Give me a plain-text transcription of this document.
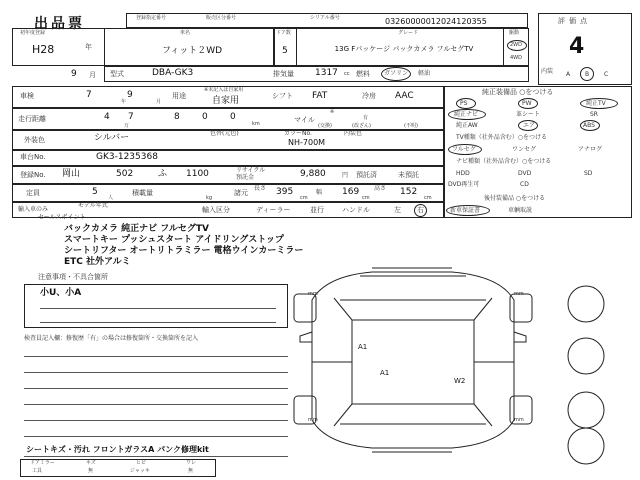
出品票	登録指定番号	販売区分番号	シリアル番号	03260000012024120355	評価点
4
初年度登録
H28	年
9 月
車名
フィット２WD
ドア数
5
グレード
13G Fパッケージ パックカメラ フルセグTV
駆動
2WD
4WD
型式	DBA-GK3	排気量 1317 cc 燃料 ガソリン 軽油	内装 A B C
車検	7
年
9
月
用途
※未記入は自家用
自家用	シフト FAT	冷房 AAC
走行距離	4 7
万
8 0 0
km	マイル
※
有
(交換)	(改ざん)	(不明)
外装色	シルバー	色替(元色)	カラーNo.
NH-700M
内装色
車台No.	GK3-1235368
登録No. 岡山	502	ふ 1100	リサイクル預託金	9,880	円 預託済	未預託
定員	5
人
積載量
kg
諸元
長さ 395
cm
幅 169
cm
高さ 152
cm
輸入車のみ
モデル年式
輸入区分	ディーラー	並行	ハンドル	左 右
純正装備品 ○をつける
PS	PW	純正TV
純正ナビ	革シート	SR
純正AW	エア	ABS
TV種類（社外品含む）○をつける
フルセグ	ワンセグ	アナログ
ナビ種類（社外品含む）○をつける
HDD	DVD	SD
DVD再生可	CD
後付装備品 ○をつける
新車保証書	車輌取説
セールスポイント
バックカメラ 純正ナビ フルセグTV
スマートキー プッシュスタート アイドリングストップ
シートリフター オートリトラミラー 電格ウインカーミラー
ETC 社外アルミ
注意事項・不具合箇所
小U、小A
検査員記入欄：修復歴「有」の場合は修復箇所・交換箇所を記入
シートキズ・汚れ フロントガラスA パンク修理kit
ドアミラー	キズ	ヒビ	ワレ
工具	無	ジャッキ	無
A1
A1
W2
mm	mm
mm	mm
